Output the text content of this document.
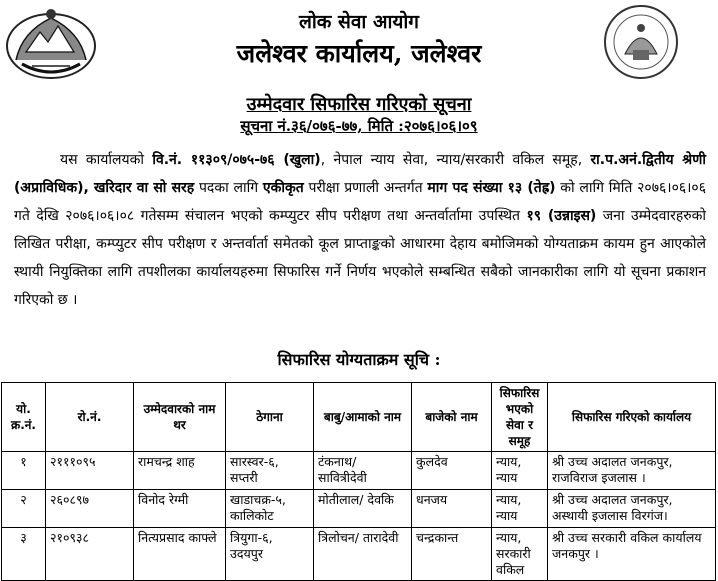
लोक सेवा आयोग
जलेश्वर कार्यालय, जलेश्वर
उम्मेदवार सिफारिस गरिएको सूचना
सूचना नं.३६/०७६-७७, मिति :२०७६।०६।०९
यस कार्यालयको वि.नं. ११३०९/०७५-७६ (खुला), नेपाल न्याय सेवा, न्याय/सरकारी वकिल समूह, रा.प.अनं.द्वितीय श्रेणी (अप्राविधिक), खरिदार वा सो सरह पदका लागि एकीकृत परीक्षा प्रणाली अन्तर्गत माग पद संख्या १३ (तेह्र) को लागि मिति २०७६।०६।०६ गते देखि २०७६।०६।०८ गतेसम्म संचालन भएको कम्प्युटर सीप परीक्षण तथा अन्तर्वार्तामा उपस्थित १९ (उन्नाइस) जना उम्मेदवारहरुको लिखित परीक्षा, कम्प्युटर सीप परीक्षण र अन्तर्वार्ता समेतको कूल प्राप्ताङ्कको आधारमा देहाय बमोजिमको योग्यताक्रम कायम हुन आएकोले स्थायी नियुक्तिका लागि तपशीलका कार्यालयहरुमा सिफारिस गर्ने निर्णय भएकोले सम्बन्धित सबैको जानकारीका लागि यो सूचना प्रकाशन गरिएको छ ।
सिफारिस योग्यताक्रम सूचि :
यो. क्र.नं.	रो.नं.	उम्मेदवारको नाम थर	ठेगाना	बाबु/आमाको नाम	बाजेको नाम	सिफारिस भएको सेवा र समूह	सिफारिस गरिएको कार्यालय
१	२१११०९५	रामचन्द्र शाह	सारस्वर-६, सप्तरी	टंकनाथ/ सावित्रीदेवी	कुलदेव	न्याय, न्याय	श्री उच्च अदालत जनकपुर, राजविराज इजलास ।
२	२६०८९७	विनोद रेग्मी	खाडाचक्र-५, कालिकोट	मोतीलाल/ देवकि	धनजय	न्याय, न्याय	श्री उच्च अदालत जनकपुर, अस्थायी इजलास विरगंज।
३	२१०९३८	नित्यप्रसाद काफ्ले	त्रियुगा-६, उदयपुर	त्रिलोचन/ तारादेवी	चन्द्रकान्त	न्याय, सरकारी वकिल	श्री उच्च सरकारी वकिल कार्यालय जनकपुर ।
